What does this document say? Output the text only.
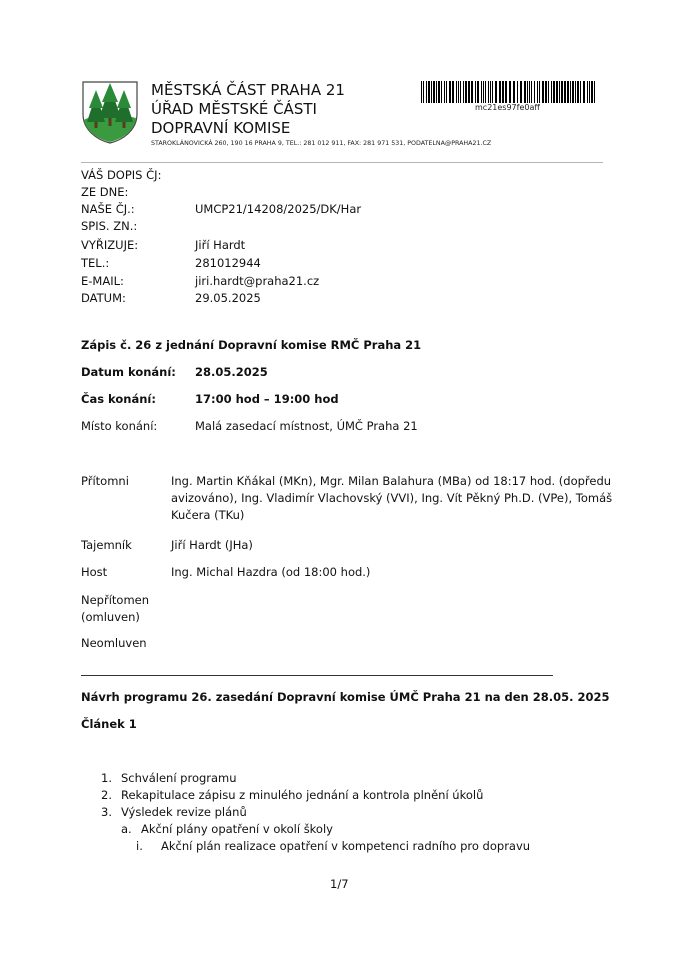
MĚSTSKÁ ČÁST PRAHA 21
ÚŘAD MĚSTSKÉ ČÁSTI
DOPRAVNÍ KOMISE
STAROKLÁNOVICKÁ 260, 190 16 PRAHA 9, TEL.: 281 012 911, FAX: 281 971 531, PODATELNA@PRAHA21.CZ
mc21es97fe0aff
VÁŠ DOPIS ČJ:
ZE DNE:
NAŠE ČJ.:	UMCP21/14208/2025/DK/Har
SPIS. ZN.:
VYŘIZUJE:	Jiří Hardt
TEL.:	281012944
E-MAIL:	jiri.hardt@praha21.cz
DATUM:	29.05.2025
Zápis č. 26 z jednání Dopravní komise RMČ Praha 21
Datum konání: 28.05.2025
Čas konání:	17:00 hod – 19:00 hod
Místo konání:	Malá zasedací místnost, ÚMČ Praha 21
Přítomni	Ing. Martin Kňákal (MKn), Mgr. Milan Balahura (MBa) od 18:17 hod. (dopředu
avizováno), Ing. Vladimír Vlachovský (VVI), Ing. Vít Pěkný Ph.D. (VPe), Tomáš
Kučera (TKu)
Tajemník	Jiří Hardt (JHa)
Host	Ing. Michal Hazdra (od 18:00 hod.)
Nepřítomen
(omluven)
Neomluven
Návrh programu 26. zasedání Dopravní komise ÚMČ Praha 21 na den 28.05. 2025
Článek 1
1. Schválení programu
2. Rekapitulace zápisu z minulého jednání a kontrola plnění úkolů
3. Výsledek revize plánů
a. Akční plány opatření v okolí školy
i. Akční plán realizace opatření v kompetenci radního pro dopravu
1/7
